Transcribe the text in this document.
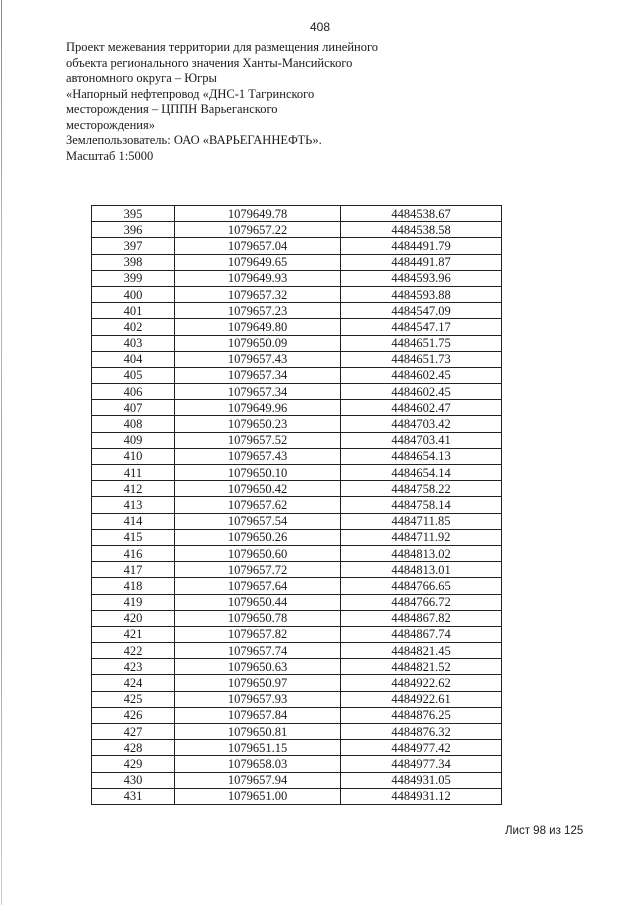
408
Проект межевания территории для размещения линейного
объекта регионального значения Ханты-Мансийского
автономного округа – Югры
«Напорный нефтепровод «ДНС-1 Тагринского
месторождения – ЦППН Варьеганского
месторождения»
Землепользователь: ОАО «ВАРЬЕГАННЕФТЬ».
Масштаб 1:5000
395	1079649.78	4484538.67
396	1079657.22	4484538.58
397	1079657.04	4484491.79
398	1079649.65	4484491.87
399	1079649.93	4484593.96
400	1079657.32	4484593.88
401	1079657.23	4484547.09
402	1079649.80	4484547.17
403	1079650.09	4484651.75
404	1079657.43	4484651.73
405	1079657.34	4484602.45
406	1079657.34	4484602.45
407	1079649.96	4484602.47
408	1079650.23	4484703.42
409	1079657.52	4484703.41
410	1079657.43	4484654.13
411	1079650.10	4484654.14
412	1079650.42	4484758.22
413	1079657.62	4484758.14
414	1079657.54	4484711.85
415	1079650.26	4484711.92
416	1079650.60	4484813.02
417	1079657.72	4484813.01
418	1079657.64	4484766.65
419	1079650.44	4484766.72
420	1079650.78	4484867.82
421	1079657.82	4484867.74
422	1079657.74	4484821.45
423	1079650.63	4484821.52
424	1079650.97	4484922.62
425	1079657.93	4484922.61
426	1079657.84	4484876.25
427	1079650.81	4484876.32
428	1079651.15	4484977.42
429	1079658.03	4484977.34
430	1079657.94	4484931.05
431	1079651.00	4484931.12
Лист 98 из 125
